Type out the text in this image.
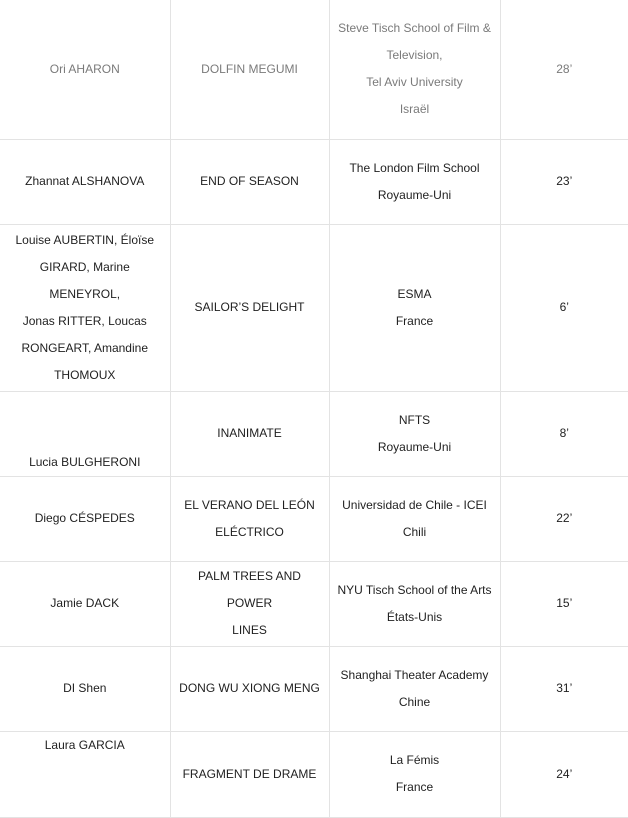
Ori AHARON	DOLFIN MEGUMI	Steve Tisch School of Film &
Television,
Tel Aviv University
Israël	28’

Zhannat ALSHANOVA	END OF SEASON	The London Film School
Royaume-Uni	23’

Louise AUBERTIN, Éloïse
GIRARD, Marine MENEYROL,
Jonas RITTER, Loucas
RONGEART, Amandine
THOMOUX	SAILOR’S DELIGHT	ESMA
France	6’

Lucia BULGHERONI	INANIMATE	NFTS
Royaume-Uni	8’

Diego CÉSPEDES	EL VERANO DEL LEÓN
ELÉCTRICO	Universidad de Chile - ICEI
Chili	22’

Jamie DACK	PALM TREES AND POWER
LINES	NYU Tisch School of the Arts
États-Unis	15’

DI Shen	DONG WU XIONG MENG	Shanghai Theater Academy
Chine	31’

Laura GARCIA	FRAGMENT DE DRAME	La Fémis
France	24’
